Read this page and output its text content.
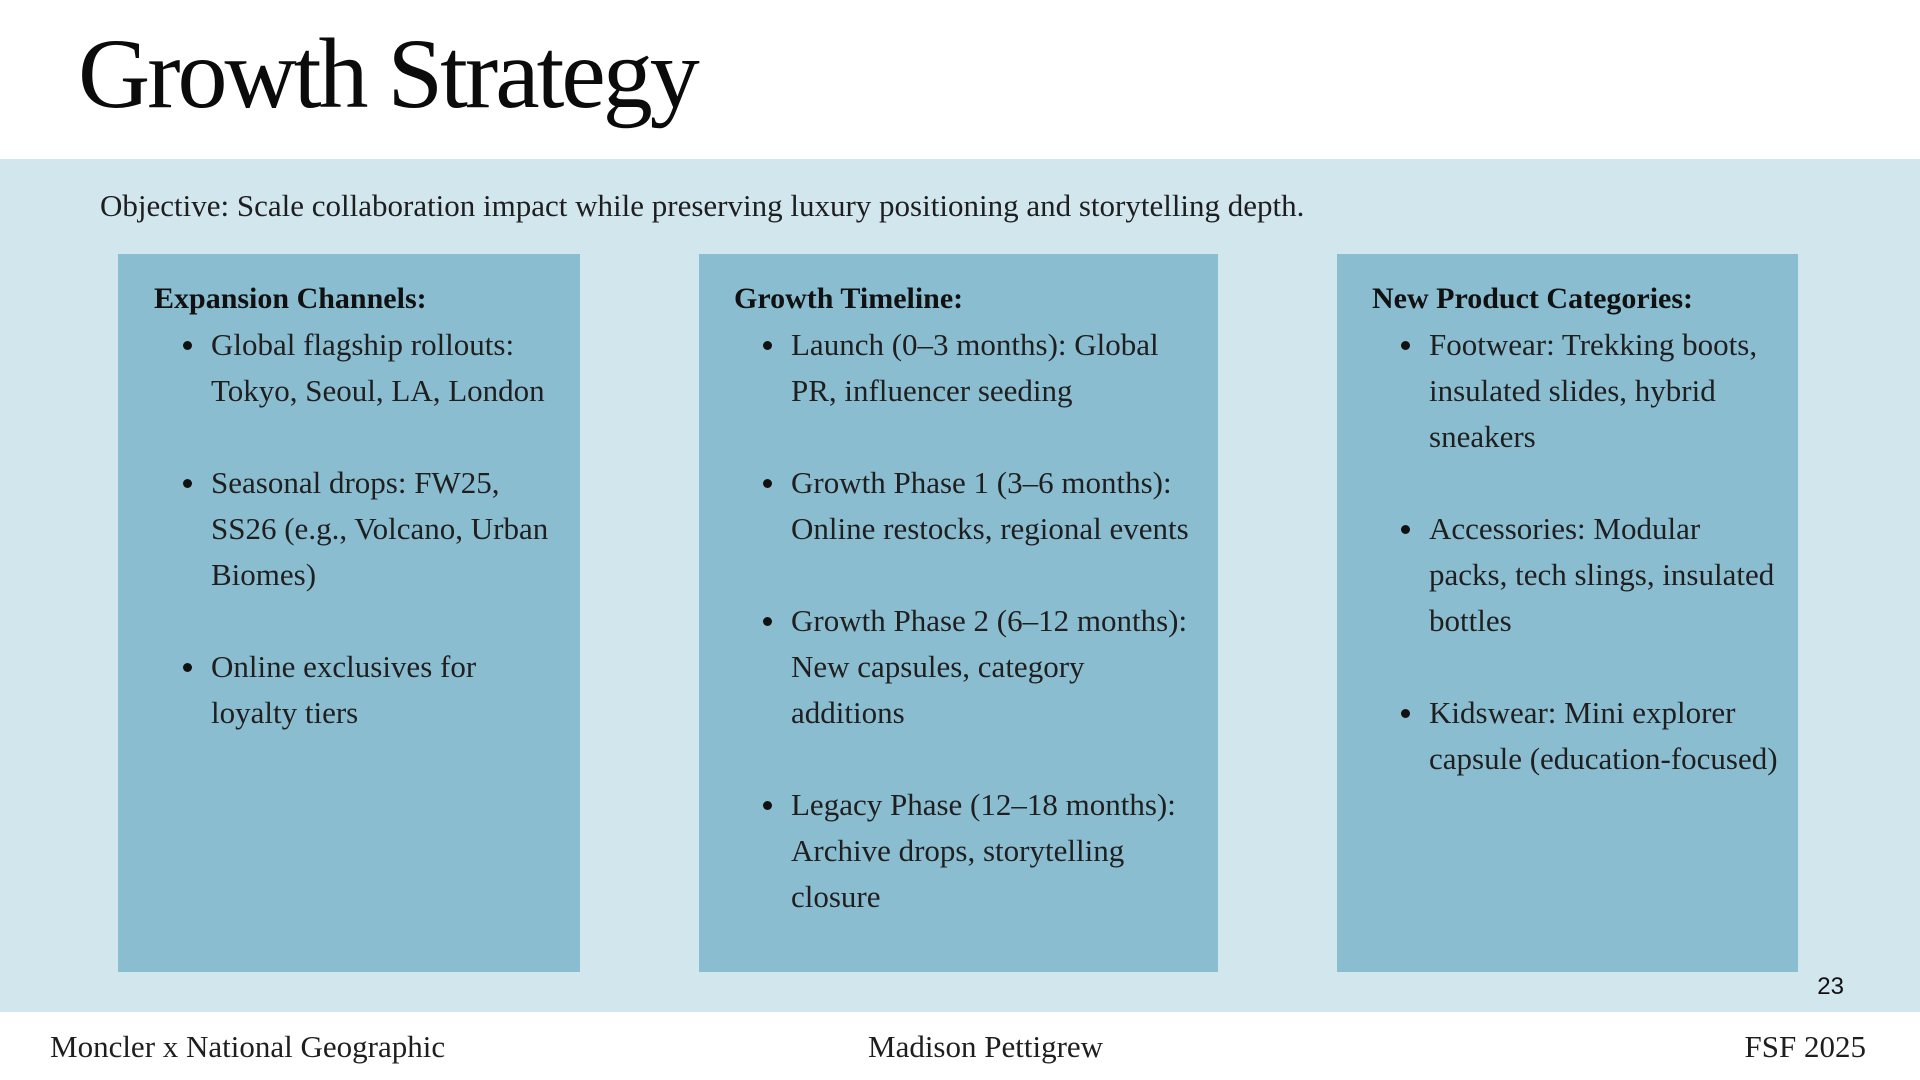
Growth Strategy
Objective: Scale collaboration impact while preserving luxury positioning and storytelling depth.
Expansion Channels:
Global flagship rollouts: Tokyo, Seoul, LA, London
Seasonal drops: FW25, SS26 (e.g., Volcano, Urban Biomes)
Online exclusives for loyalty tiers
Growth Timeline:
Launch (0–3 months): Global PR, influencer seeding
Growth Phase 1 (3–6 months): Online restocks, regional events
Growth Phase 2 (6–12 months): New capsules, category additions
Legacy Phase (12–18 months): Archive drops, storytelling closure
New Product Categories:
Footwear: Trekking boots, insulated slides, hybrid sneakers
Accessories: Modular packs, tech slings, insulated bottles
Kidswear: Mini explorer capsule (education-focused)
23
Moncler x National Geographic	Madison Pettigrew	FSF 2025
